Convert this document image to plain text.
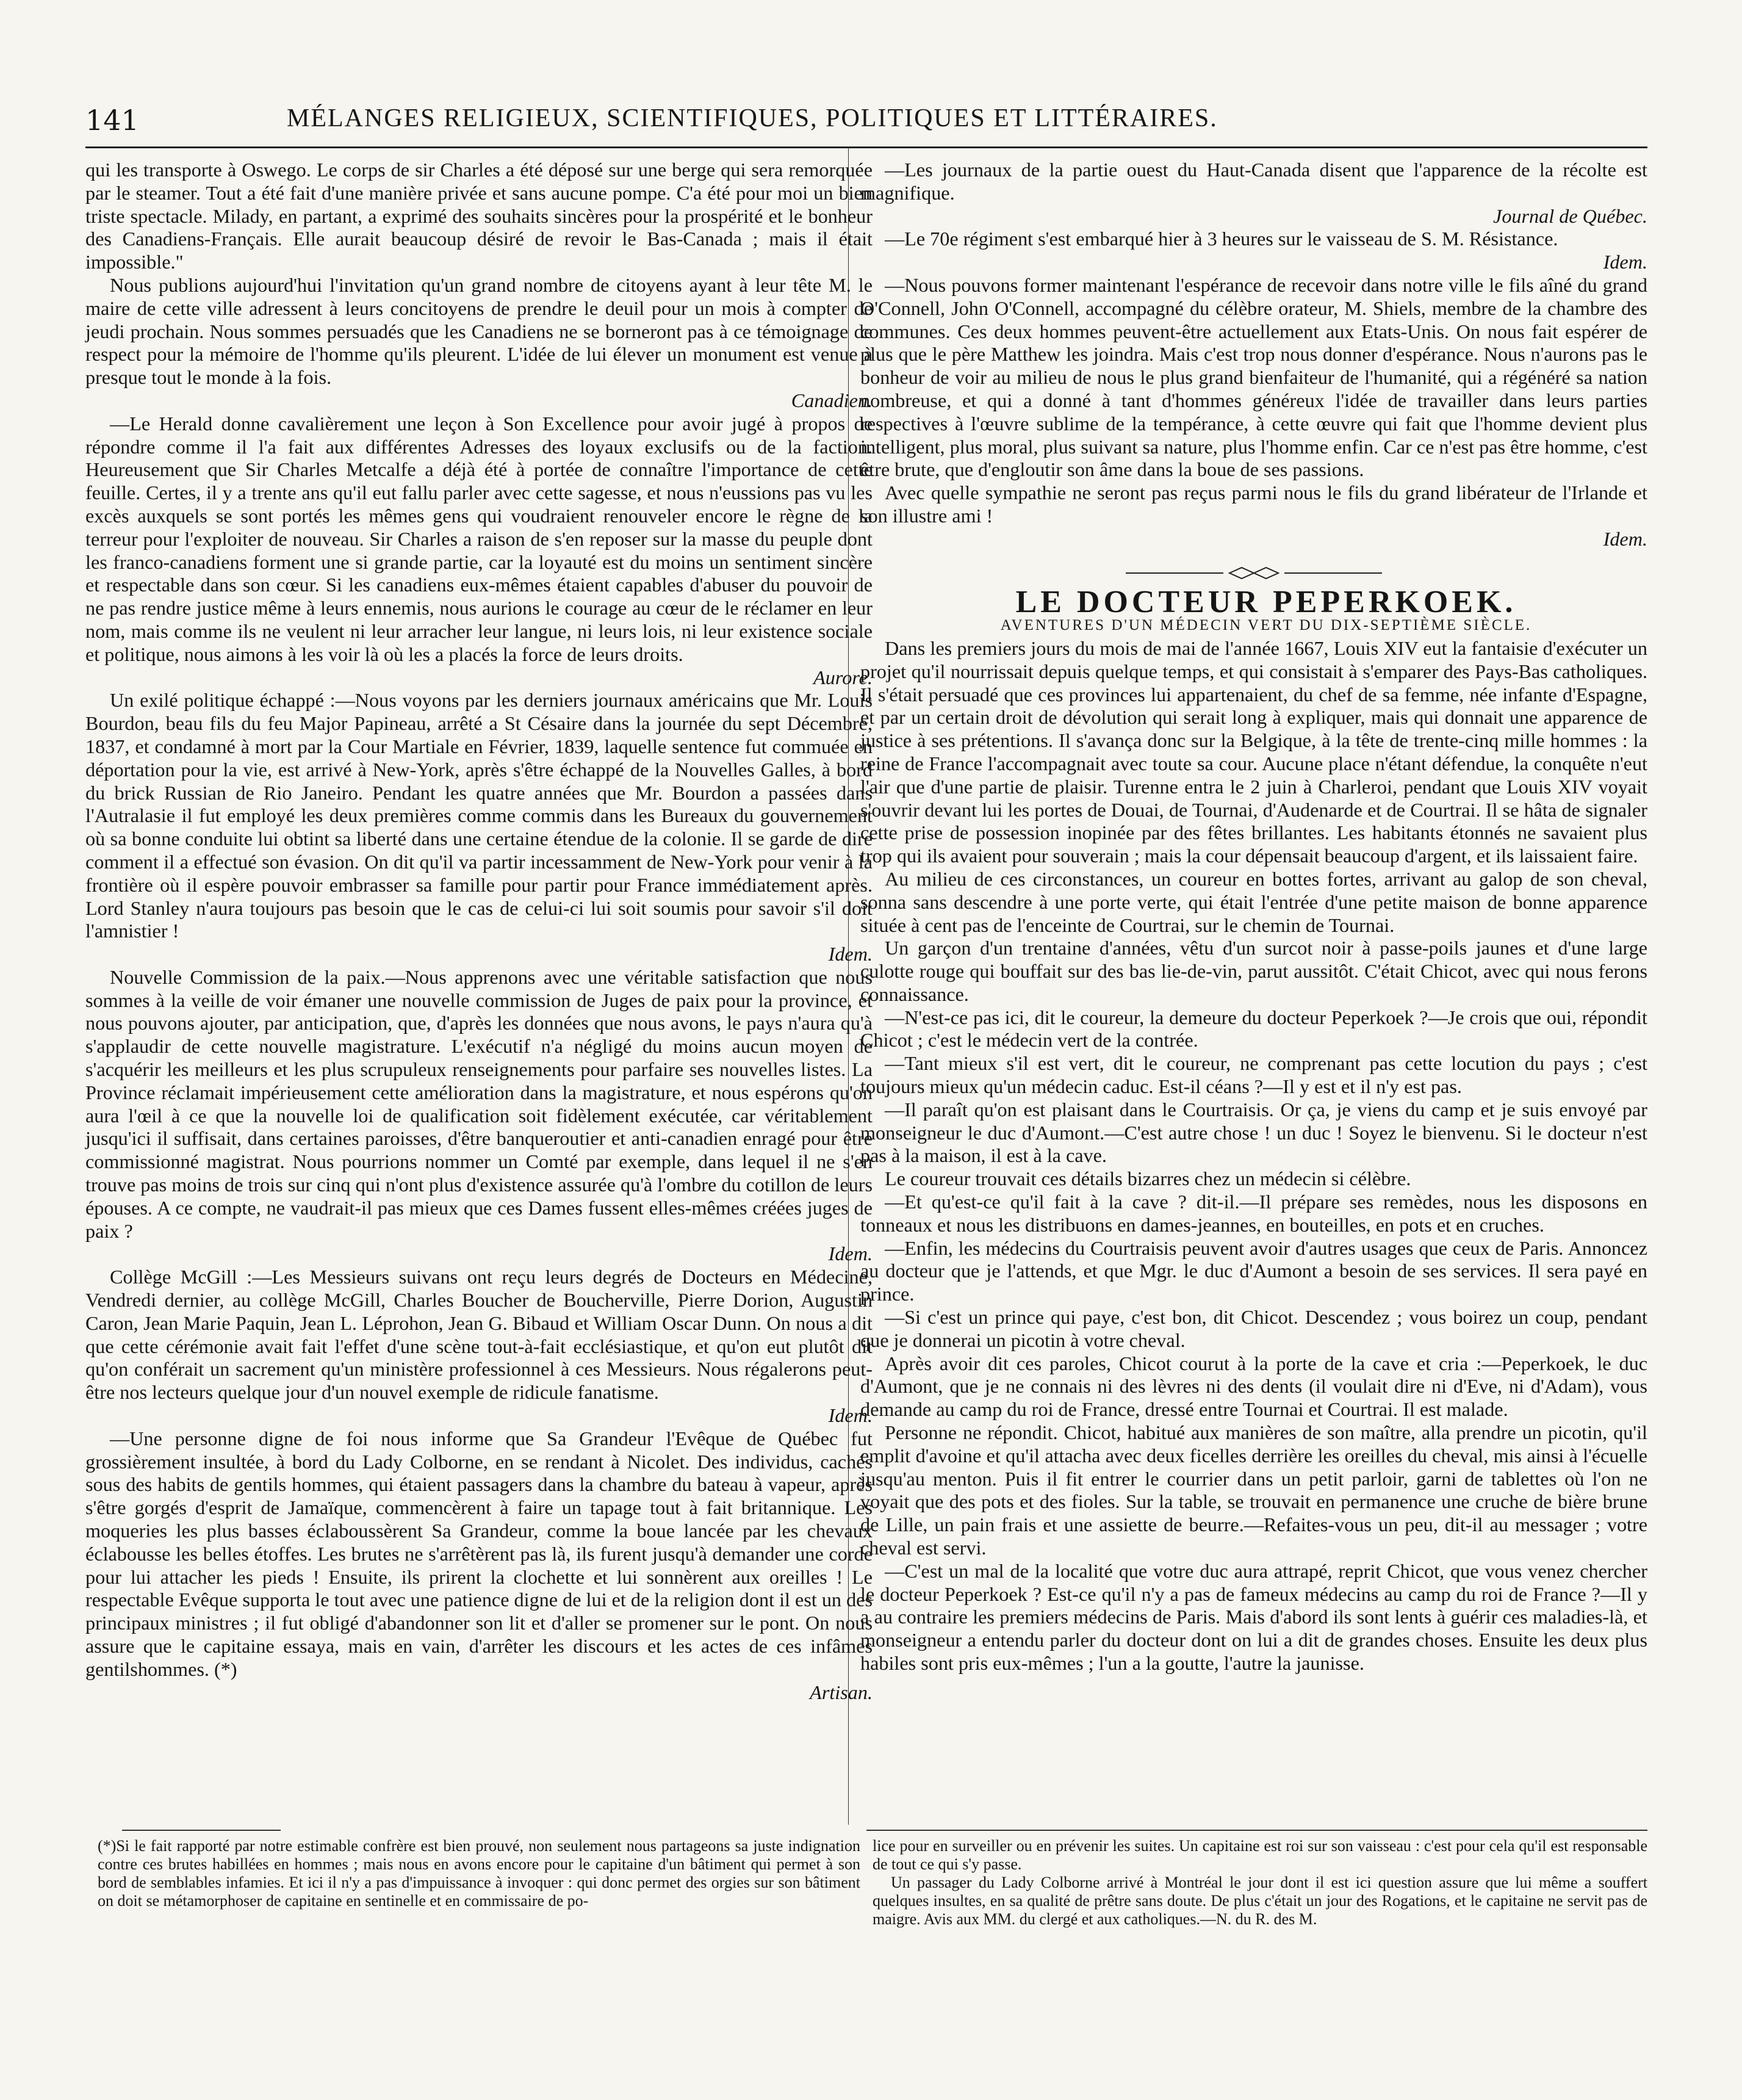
141	MÉLANGES RELIGIEUX, SCIENTIFIQUES, POLITIQUES ET LITTÉRAIRES.

qui les transporte à Oswego. Le corps de sir Charles a été déposé sur une berge qui sera remorquée par le steamer. Tout a été fait d'une manière privée et sans aucune pompe. C'a été pour moi un bien triste spectacle. Milady, en partant, a exprimé des souhaits sincères pour la prospérité et le bonheur des Canadiens-Français. Elle aurait beaucoup désiré de revoir le Bas-Canada ; mais il était impossible."

Nous publions aujourd'hui l'invitation qu'un grand nombre de citoyens ayant à leur tête M. le maire de cette ville adressent à leurs concitoyens de prendre le deuil pour un mois à compter de jeudi prochain. Nous sommes persuadés que les Canadiens ne se borneront pas à ce témoignage de respect pour la mémoire de l'homme qu'ils pleurent. L'idée de lui élever un monument est venue à presque tout le monde à la fois.

Canadien.

—Le Herald donne cavalièrement une leçon à Son Excellence pour avoir jugé à propos de répondre comme il l'a fait aux différentes Adresses des loyaux exclusifs ou de la faction. Heureusement que Sir Charles Metcalfe a déjà été à portée de connaître l'importance de cette feuille. Certes, il y a trente ans qu'il eut fallu parler avec cette sagesse, et nous n'eussions pas vu les excès auxquels se sont portés les mêmes gens qui voudraient renouveler encore le règne de la terreur pour l'exploiter de nouveau. Sir Charles a raison de s'en reposer sur la masse du peuple dont les franco-canadiens forment une si grande partie, car la loyauté est du moins un sentiment sincère et respectable dans son cœur. Si les canadiens eux-mêmes étaient capables d'abuser du pouvoir de ne pas rendre justice même à leurs ennemis, nous aurions le courage au cœur de le réclamer en leur nom, mais comme ils ne veulent ni leur arracher leur langue, ni leurs lois, ni leur existence sociale et politique, nous aimons à les voir là où les a placés la force de leurs droits.

Aurore.

Un exilé politique échappé :—Nous voyons par les derniers journaux américains que Mr. Louis Bourdon, beau fils du feu Major Papineau, arrêté a St Césaire dans la journée du sept Décembre, 1837, et condamné à mort par la Cour Martiale en Février, 1839, laquelle sentence fut commuée en déportation pour la vie, est arrivé à New-York, après s'être échappé de la Nouvelles Galles, à bord du brick Russian de Rio Janeiro. Pendant les quatre années que Mr. Bourdon a passées dans l'Autralasie il fut employé les deux premières comme commis dans les Bureaux du gouvernement où sa bonne conduite lui obtint sa liberté dans une certaine étendue de la colonie. Il se garde de dire comment il a effectué son évasion. On dit qu'il va partir incessamment de New-York pour venir à la frontière où il espère pouvoir embrasser sa famille pour partir pour France immédiatement après. Lord Stanley n'aura toujours pas besoin que le cas de celui-ci lui soit soumis pour savoir s'il doit l'amnistier !

Idem.

Nouvelle Commission de la paix.—Nous apprenons avec une véritable satisfaction que nous sommes à la veille de voir émaner une nouvelle commission de Juges de paix pour la province, et nous pouvons ajouter, par anticipation, que, d'après les données que nous avons, le pays n'aura qu'à s'applaudir de cette nouvelle magistrature. L'exécutif n'a négligé du moins aucun moyen de s'acquérir les meilleurs et les plus scrupuleux renseignements pour parfaire ses nouvelles listes. La Province réclamait impérieusement cette amélioration dans la magistrature, et nous espérons qu'on aura l'œil à ce que la nouvelle loi de qualification soit fidèlement exécutée, car véritablement jusqu'ici il suffisait, dans certaines paroisses, d'être banqueroutier et anti-canadien enragé pour être commissionné magistrat. Nous pourrions nommer un Comté par exemple, dans lequel il ne s'en trouve pas moins de trois sur cinq qui n'ont plus d'existence assurée qu'à l'ombre du cotillon de leurs épouses. A ce compte, ne vaudrait-il pas mieux que ces Dames fussent elles-mêmes créées juges de paix ?

Idem.

Collège McGill :—Les Messieurs suivans ont reçu leurs degrés de Docteurs en Médecine, Vendredi dernier, au collège McGill, Charles Boucher de Boucherville, Pierre Dorion, Augustin Caron, Jean Marie Paquin, Jean L. Léprohon, Jean G. Bibaud et William Oscar Dunn. On nous a dit que cette cérémonie avait fait l'effet d'une scène tout-à-fait ecclésiastique, et qu'on eut plutôt dit qu'on conférait un sacrement qu'un ministère professionnel à ces Messieurs. Nous régalerons peut-être nos lecteurs quelque jour d'un nouvel exemple de ridicule fanatisme.

Idem.

—Une personne digne de foi nous informe que Sa Grandeur l'Evêque de Québec fut grossièrement insultée, à bord du Lady Colborne, en se rendant à Nicolet. Des individus, cachés sous des habits de gentils hommes, qui étaient passagers dans la chambre du bateau à vapeur, après s'être gorgés d'esprit de Jamaïque, commencèrent à faire un tapage tout à fait britannique. Les moqueries les plus basses éclaboussèrent Sa Grandeur, comme la boue lancée par les chevaux éclabousse les belles étoffes. Les brutes ne s'arrêtèrent pas là, ils furent jusqu'à demander une corde pour lui attacher les pieds ! Ensuite, ils prirent la clochette et lui sonnèrent aux oreilles ! Le respectable Evêque supporta le tout avec une patience digne de lui et de la religion dont il est un des principaux ministres ; il fut obligé d'abandonner son lit et d'aller se promener sur le pont. On nous assure que le capitaine essaya, mais en vain, d'arrêter les discours et les actes de ces infâmes gentilshommes. (*)

Artisan.

—Les journaux de la partie ouest du Haut-Canada disent que l'apparence de la récolte est magnifique.

Journal de Québec.

—Le 70e régiment s'est embarqué hier à 3 heures sur le vaisseau de S. M. Résistance.

Idem.

—Nous pouvons former maintenant l'espérance de recevoir dans notre ville le fils aîné du grand O'Connell, John O'Connell, accompagné du célèbre orateur, M. Shiels, membre de la chambre des communes. Ces deux hommes peuvent-être actuellement aux Etats-Unis. On nous fait espérer de plus que le père Matthew les joindra. Mais c'est trop nous donner d'espérance. Nous n'aurons pas le bonheur de voir au milieu de nous le plus grand bienfaiteur de l'humanité, qui a régénéré sa nation nombreuse, et qui a donné à tant d'hommes généreux l'idée de travailler dans leurs parties respectives à l'œuvre sublime de la tempérance, à cette œuvre qui fait que l'homme devient plus intelligent, plus moral, plus suivant sa nature, plus l'homme enfin. Car ce n'est pas être homme, c'est être brute, que d'engloutir son âme dans la boue de ses passions.

Avec quelle sympathie ne seront pas reçus parmi nous le fils du grand libérateur de l'Irlande et son illustre ami !

Idem.

LE DOCTEUR PEPERKOEK.

AVENTURES D'UN MÉDECIN VERT DU DIX-SEPTIÈME SIÈCLE.

Dans les premiers jours du mois de mai de l'année 1667, Louis XIV eut la fantaisie d'exécuter un projet qu'il nourrissait depuis quelque temps, et qui consistait à s'emparer des Pays-Bas catholiques. Il s'était persuadé que ces provinces lui appartenaient, du chef de sa femme, née infante d'Espagne, et par un certain droit de dévolution qui serait long à expliquer, mais qui donnait une apparence de justice à ses prétentions. Il s'avança donc sur la Belgique, à la tête de trente-cinq mille hommes : la reine de France l'accompagnait avec toute sa cour. Aucune place n'étant défendue, la conquête n'eut l'air que d'une partie de plaisir. Turenne entra le 2 juin à Charleroi, pendant que Louis XIV voyait s'ouvrir devant lui les portes de Douai, de Tournai, d'Audenarde et de Courtrai. Il se hâta de signaler cette prise de possession inopinée par des fêtes brillantes. Les habitants étonnés ne savaient plus trop qui ils avaient pour souverain ; mais la cour dépensait beaucoup d'argent, et ils laissaient faire.

Au milieu de ces circonstances, un coureur en bottes fortes, arrivant au galop de son cheval, sonna sans descendre à une porte verte, qui était l'entrée d'une petite maison de bonne apparence située à cent pas de l'enceinte de Courtrai, sur le chemin de Tournai.

Un garçon d'un trentaine d'années, vêtu d'un surcot noir à passe-poils jaunes et d'une large culotte rouge qui bouffait sur des bas lie-de-vin, parut aussitôt. C'était Chicot, avec qui nous ferons connaissance.

—N'est-ce pas ici, dit le coureur, la demeure du docteur Peperkoek ?—Je crois que oui, répondit Chicot ; c'est le médecin vert de la contrée.

—Tant mieux s'il est vert, dit le coureur, ne comprenant pas cette locution du pays ; c'est toujours mieux qu'un médecin caduc. Est-il céans ?—Il y est et il n'y est pas.

—Il paraît qu'on est plaisant dans le Courtraisis. Or ça, je viens du camp et je suis envoyé par monseigneur le duc d'Aumont.—C'est autre chose ! un duc ! Soyez le bienvenu. Si le docteur n'est pas à la maison, il est à la cave.

Le coureur trouvait ces détails bizarres chez un médecin si célèbre.

—Et qu'est-ce qu'il fait à la cave ? dit-il.—Il prépare ses remèdes, nous les disposons en tonneaux et nous les distribuons en dames-jeannes, en bouteilles, en pots et en cruches.

—Enfin, les médecins du Courtraisis peuvent avoir d'autres usages que ceux de Paris. Annoncez au docteur que je l'attends, et que Mgr. le duc d'Aumont a besoin de ses services. Il sera payé en prince.

—Si c'est un prince qui paye, c'est bon, dit Chicot. Descendez ; vous boirez un coup, pendant que je donnerai un picotin à votre cheval.

Après avoir dit ces paroles, Chicot courut à la porte de la cave et cria :—Peperkoek, le duc d'Aumont, que je ne connais ni des lèvres ni des dents (il voulait dire ni d'Eve, ni d'Adam), vous demande au camp du roi de France, dressé entre Tournai et Courtrai. Il est malade.

Personne ne répondit. Chicot, habitué aux manières de son maître, alla prendre un picotin, qu'il emplit d'avoine et qu'il attacha avec deux ficelles derrière les oreilles du cheval, mis ainsi à l'écuelle jusqu'au menton. Puis il fit entrer le courrier dans un petit parloir, garni de tablettes où l'on ne voyait que des pots et des fioles. Sur la table, se trouvait en permanence une cruche de bière brune de Lille, un pain frais et une assiette de beurre.—Refaites-vous un peu, dit-il au messager ; votre cheval est servi.

—C'est un mal de la localité que votre duc aura attrapé, reprit Chicot, que vous venez chercher le docteur Peperkoek ? Est-ce qu'il n'y a pas de fameux médecins au camp du roi de France ?—Il y a au contraire les premiers médecins de Paris. Mais d'abord ils sont lents à guérir ces maladies-là, et monseigneur a entendu parler du docteur dont on lui a dit de grandes choses. Ensuite les deux plus habiles sont pris eux-mêmes ; l'un a la goutte, l'autre la jaunisse.

(*)Si le fait rapporté par notre estimable confrère est bien prouvé, non seulement nous partageons sa juste indignation contre ces brutes habillées en hommes ; mais nous en avons encore pour le capitaine d'un bâtiment qui permet à son bord de semblables infamies. Et ici il n'y a pas d'impuissance à invoquer : qui donc permet des orgies sur son bâtiment on doit se métamorphoser de capitaine en sentinelle et en commissaire de po-

lice pour en surveiller ou en prévenir les suites. Un capitaine est roi sur son vaisseau : c'est pour cela qu'il est responsable de tout ce qui s'y passe.

Un passager du Lady Colborne arrivé à Montréal le jour dont il est ici question assure que lui même a souffert quelques insultes, en sa qualité de prêtre sans doute. De plus c'était un jour des Rogations, et le capitaine ne servit pas de maigre. Avis aux MM. du clergé et aux catholiques.—N. du R. des M.
